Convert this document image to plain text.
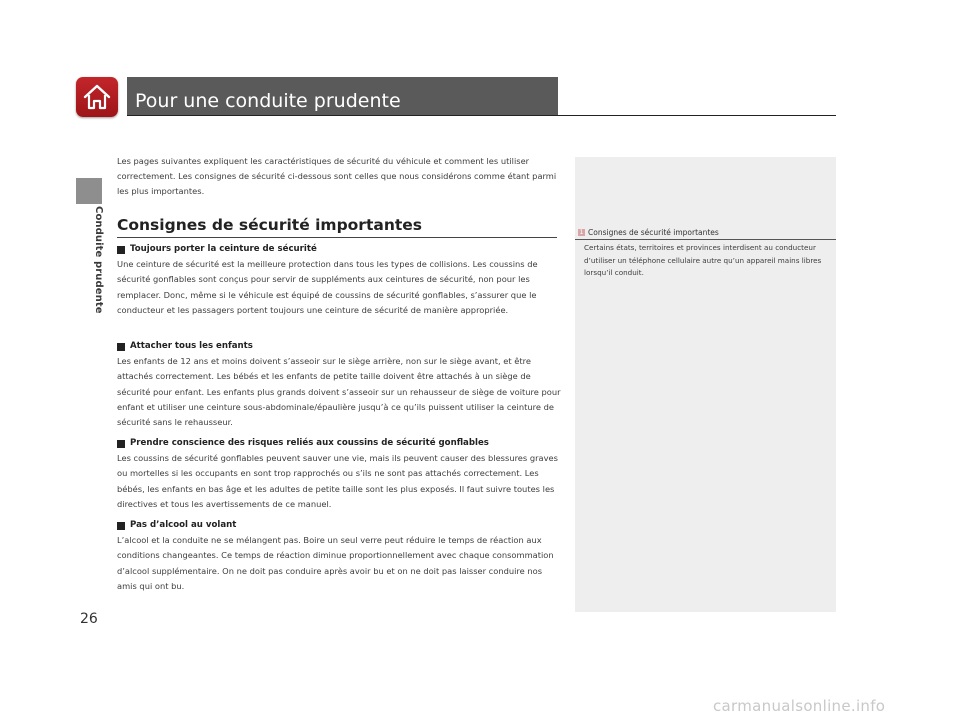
Conduite prudente
Pour une conduite prudente
Les pages suivantes expliquent les caractéristiques de sécurité du véhicule et comment les utiliser correctement. Les consignes de sécurité ci-dessous sont celles que nous considérons comme étant parmi les plus importantes.
Consignes de sécurité importantes
Toujours porter la ceinture de sécurité
Une ceinture de sécurité est la meilleure protection dans tous les types de collisions. Les coussins de sécurité gonflables sont conçus pour servir de suppléments aux ceintures de sécurité, non pour les remplacer. Donc, même si le véhicule est équipé de coussins de sécurité gonflables, s’assurer que le conducteur et les passagers portent toujours une ceinture de sécurité de manière appropriée.
Attacher tous les enfants
Les enfants de 12 ans et moins doivent s’asseoir sur le siège arrière, non sur le siège avant, et être attachés correctement. Les bébés et les enfants de petite taille doivent être attachés à un siège de sécurité pour enfant. Les enfants plus grands doivent s’asseoir sur un rehausseur de siège de voiture pour enfant et utiliser une ceinture sous-abdominale/épaulière jusqu’à ce qu’ils puissent utiliser la ceinture de sécurité sans le rehausseur.
Prendre conscience des risques reliés aux coussins de sécurité gonflables
Les coussins de sécurité gonflables peuvent sauver une vie, mais ils peuvent causer des blessures graves ou mortelles si les occupants en sont trop rapprochés ou s’ils ne sont pas attachés correctement. Les bébés, les enfants en bas âge et les adultes de petite taille sont les plus exposés. Il faut suivre toutes les directives et tous les avertissements de ce manuel.
Pas d’alcool au volant
L’alcool et la conduite ne se mélangent pas. Boire un seul verre peut réduire le temps de réaction aux conditions changeantes. Ce temps de réaction diminue proportionnellement avec chaque consommation d’alcool supplémentaire. On ne doit pas conduire après avoir bu et on ne doit pas laisser conduire nos amis qui ont bu.
1 Consignes de sécurité importantes
Certains états, territoires et provinces interdisent au conducteur d’utiliser un téléphone cellulaire autre qu’un appareil mains libres lorsqu’il conduit.
26
carmanualsonline.info
